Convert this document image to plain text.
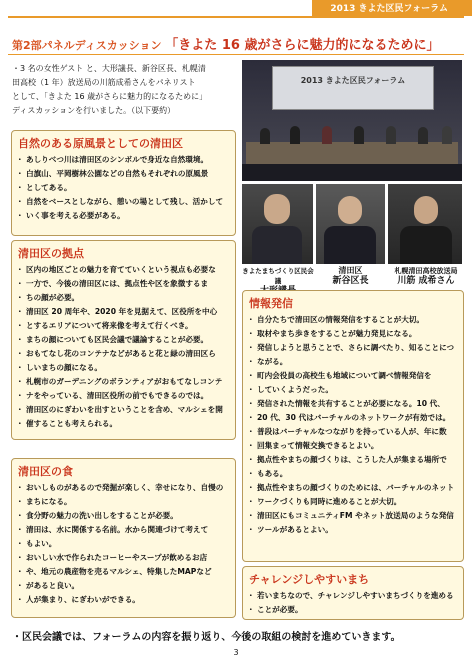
2013 きよた区民フォーラム
第2部パネルディスカッション 「きよた 16 歳がさらに魅力的になるために」
・3 名の女性ゲスト と、大形議長、新谷区長、札幌清
田高校（1 年）放送局の川筋成希さんをパネリスト
として、「きよた 16 歳がさらに魅力的になるために」
ディスカッションを行いました。（以下要約）
自然のある原風景としての清田区
・ あしりべつ川は清田区のシンボルで身近な自然環境。
・ 白旗山、平岡樹林公園などの自然もそれぞれの原風景
・ としてある。
・ 自然をベースとしながら、憩いの場として残し、活かして
・ いく事を考える必要がある。
清田区の拠点
・ 区内の地区ごとの魅力を育てていくという視点も必要な
・ 一方で、今後の清田区には、拠点性や区を象徴するま
・ ちの顔が必要。
・ 清田区 20 周年や、2020 年を見据えて、区役所を中心
・ とするエリアについて将来像を考えて行くべき。
・ まちの顔についても区民会議で議論することが必要。
・ おもてなし花のコンテナなどがあると花と緑の清田区ら
・ しいまちの顔になる。
・ 札幌市のガーデニングのボランティアがおもてなしコンテ
・ ナをやっている、清田区役所の前でもできるのでは。
・ 清田区のにぎわいを出すということを含め、マルシェを開
・ 催することも考えられる。
清田区の食
・ おいしものがあるので発掘が楽しく、幸せになり、自慢の
・ まちになる。
・ 食分野の魅力の洗い出しをすることが必要。
・ 清田は、水に関係する名前。水から関連づけて考えて
・ もよい。
・ おいしい水で作られたコーヒーやスープが飲めるお店
・ や、地元の農産物を売るマルシェ、特集したMAPなど
・ があると良い。
・ 人が集まり、にぎわいができる。
2013 きよた区民フォーラム
きよたまちづくり区民会議
清田区
新谷区長
札幌清田高校放送局
川筋 成希さん
情報発信
・ 自分たちで清田区の情報発信をすることが大切。
・ 取材やまち歩きをすることが魅力発見になる。
・ 発信しようと思うことで、さらに調べたり、知ることにつ
・ ながる。
・ 町内会役員の高校生も地域について調べ情報発信を
・ していくようだった。
・ 発信された情報を共有することが必要になる。10 代、
・ 20 代、30 代はバーチャルのネットワークが有効では。
・ 普段はバーチャルなつながりを持っている人が、年に数
・ 回集まって情報交換できるとよい。
・ 拠点性やまちの顔づくりは、こうした人が集まる場所で
・ もある。
・ 拠点性やまちの顔づくりのためには、バーチャルのネット
・ ワークづくりも同時に進めることが大切。
・ 清田区にもコミュニティFM やネット放送局のような発信
・ ツールがあるとよい。
チャレンジしやすいまち
・ 若いまちなので、チャレンジしやすいまちづくりを進める
・ ことが必要。
・区民会議では、フォーラムの内容を振り返り、今後の取組の検討を進めていきます。
3
